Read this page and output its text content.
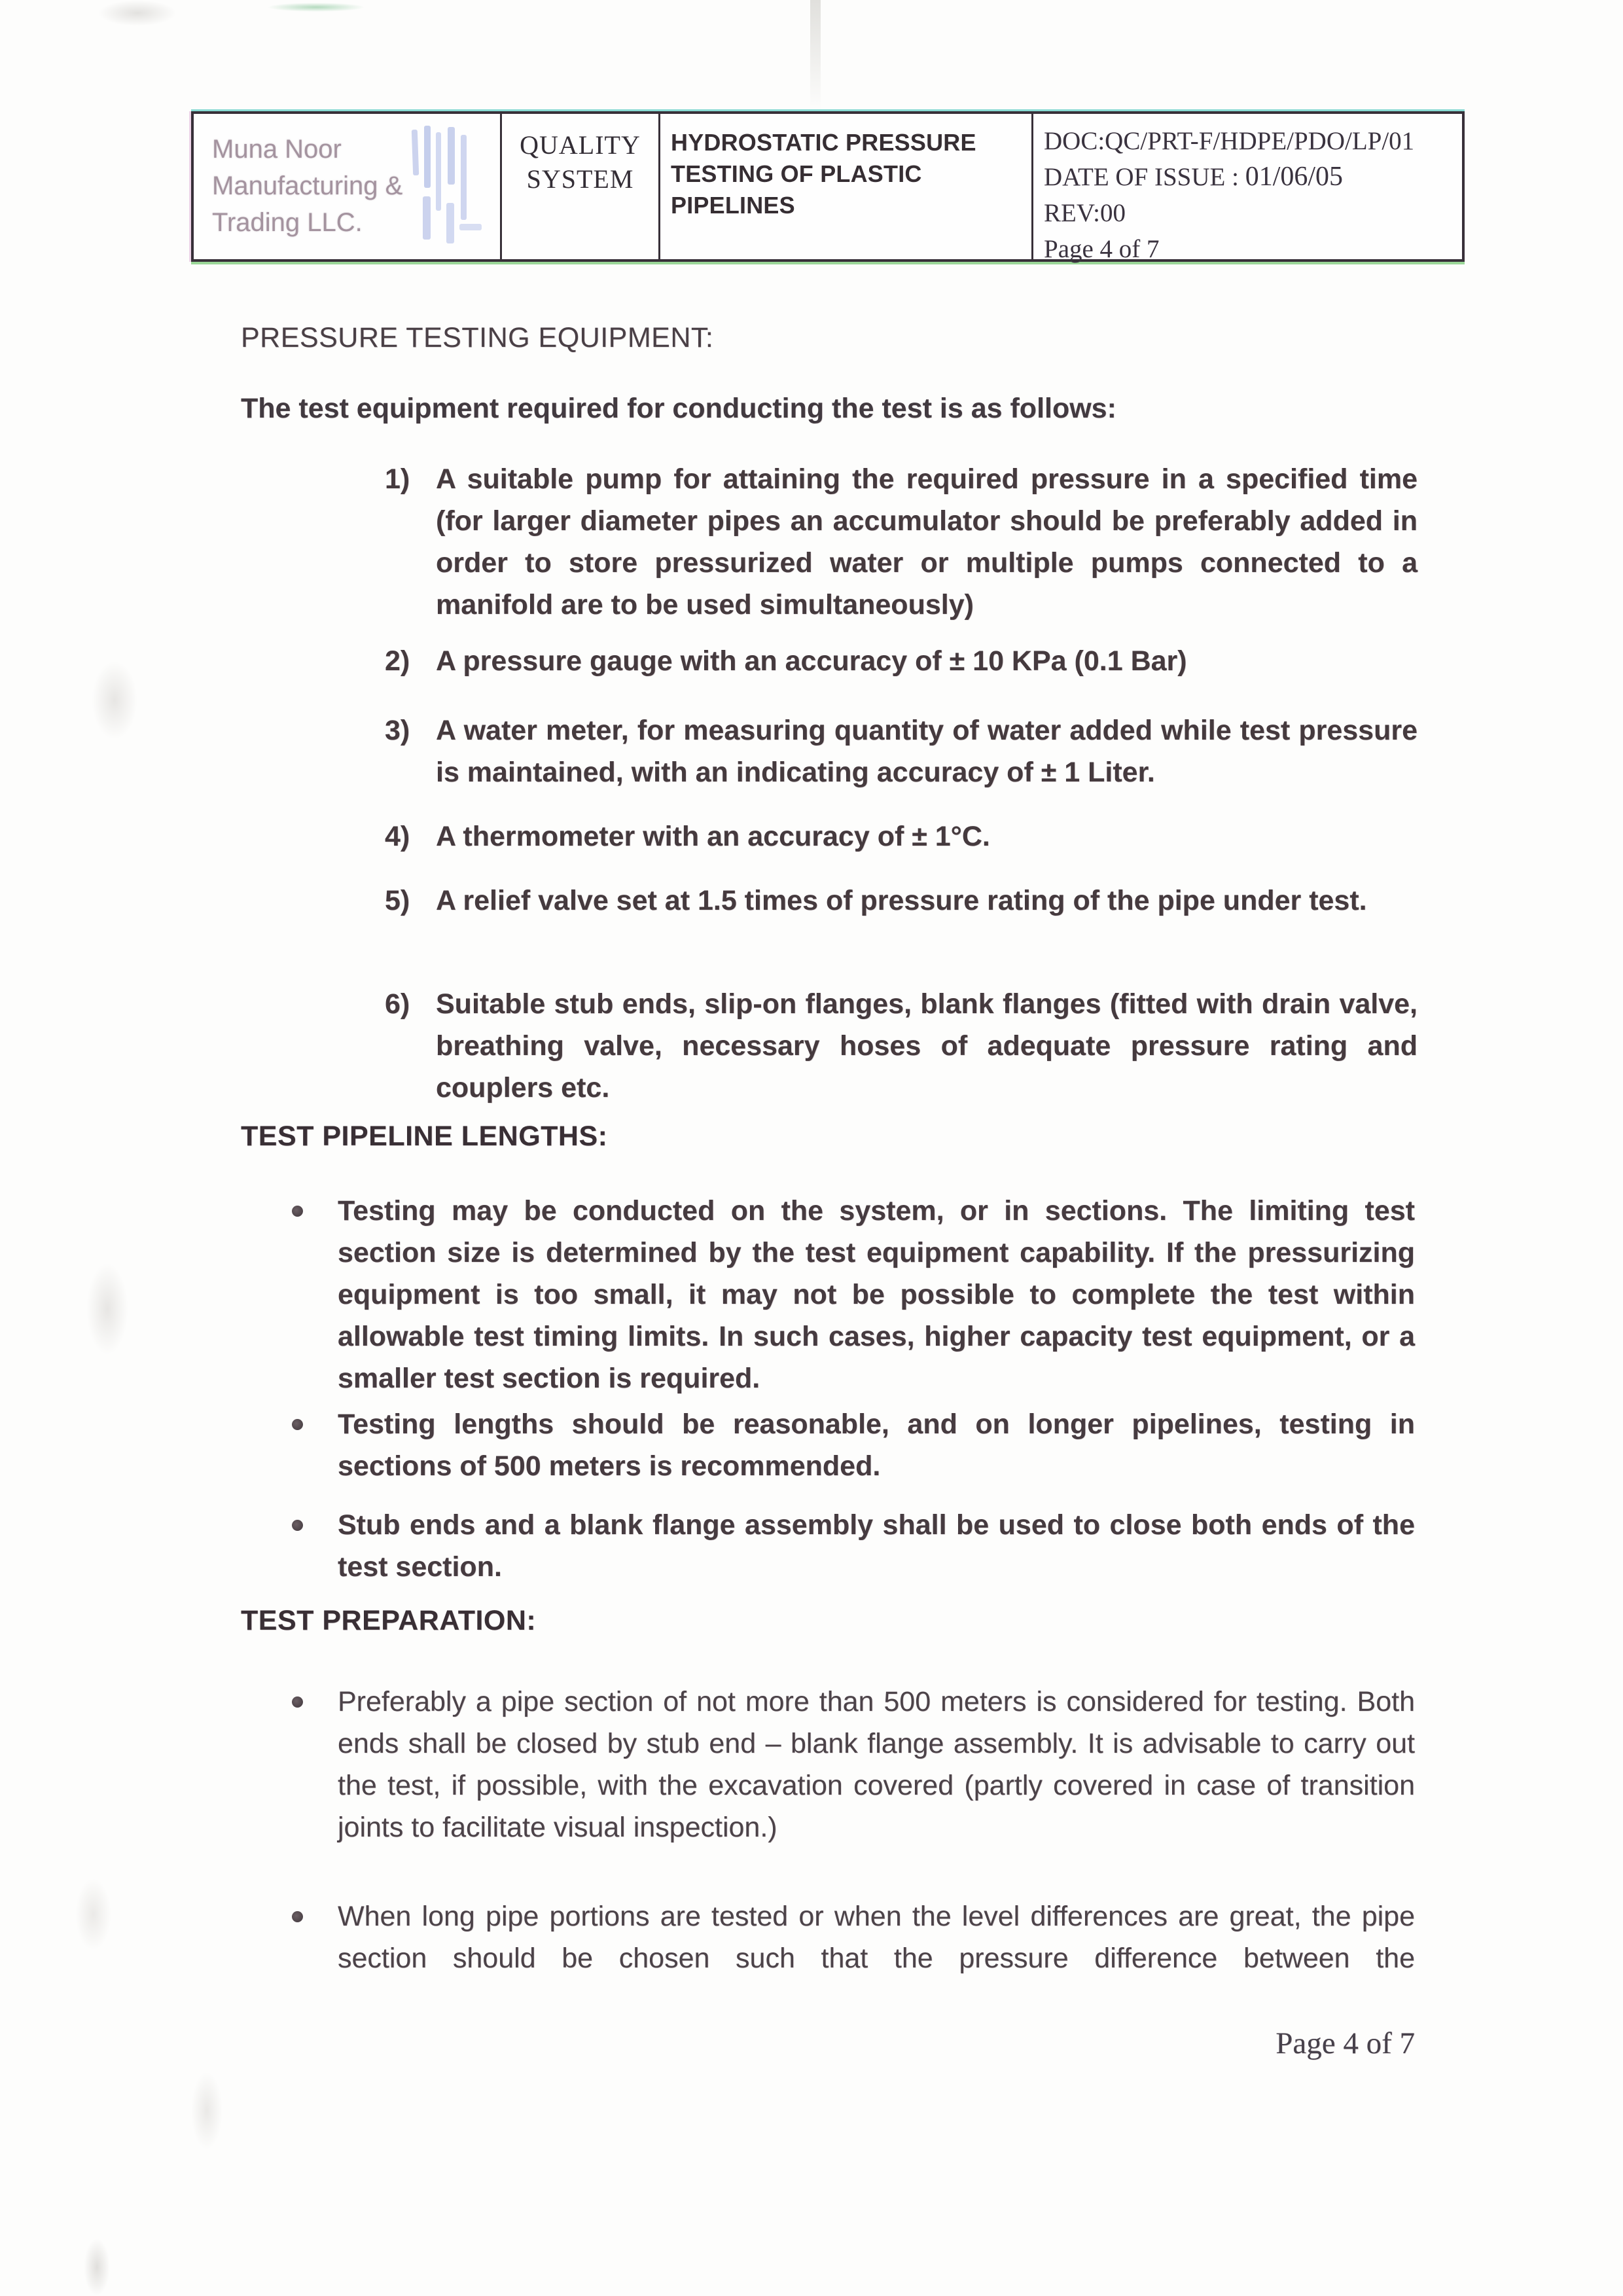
Muna Noor Manufacturing & Trading LLC.
QUALITY SYSTEM
HYDROSTATIC PRESSURE TESTING OF PLASTIC PIPELINES
DOC:QC/PRT-F/HDPE/PDO/LP/01
DATE OF ISSUE : 01/06/05
REV:00
Page 4 of 7
PRESSURE TESTING EQUIPMENT:
The test equipment required for conducting the test is as follows:
1) A suitable pump for attaining the required pressure in a specified time (for larger diameter pipes an accumulator should be preferably added in order to store pressurized water or multiple pumps connected to a manifold are to be used simultaneously)
2) A pressure gauge with an accuracy of ± 10 KPa (0.1 Bar)
3) A water meter, for measuring quantity of water added while test pressure is maintained, with an indicating accuracy of ± 1 Liter.
4) A thermometer with an accuracy of ± 1°C.
5) A relief valve set at 1.5 times of pressure rating of the pipe under test.
6) Suitable stub ends, slip-on flanges, blank flanges (fitted with drain valve, breathing valve, necessary hoses of adequate pressure rating and couplers etc.
TEST PIPELINE LENGTHS:
Testing may be conducted on the system, or in sections. The limiting test section size is determined by the test equipment capability. If the pressurizing equipment is too small, it may not be possible to complete the test within allowable test timing limits. In such cases, higher capacity test equipment, or a smaller test section is required.
Testing lengths should be reasonable, and on longer pipelines, testing in sections of 500 meters is recommended.
Stub ends and a blank flange assembly shall be used to close both ends of the test section.
TEST PREPARATION:
Preferably a pipe section of not more than 500 meters is considered for testing. Both ends shall be closed by stub end – blank flange assembly. It is advisable to carry out the test, if possible, with the excavation covered (partly covered in case of transition joints to facilitate visual inspection.)
When long pipe portions are tested or when the level differences are great, the pipe section should be chosen such that the pressure difference between the
Page 4 of 7
